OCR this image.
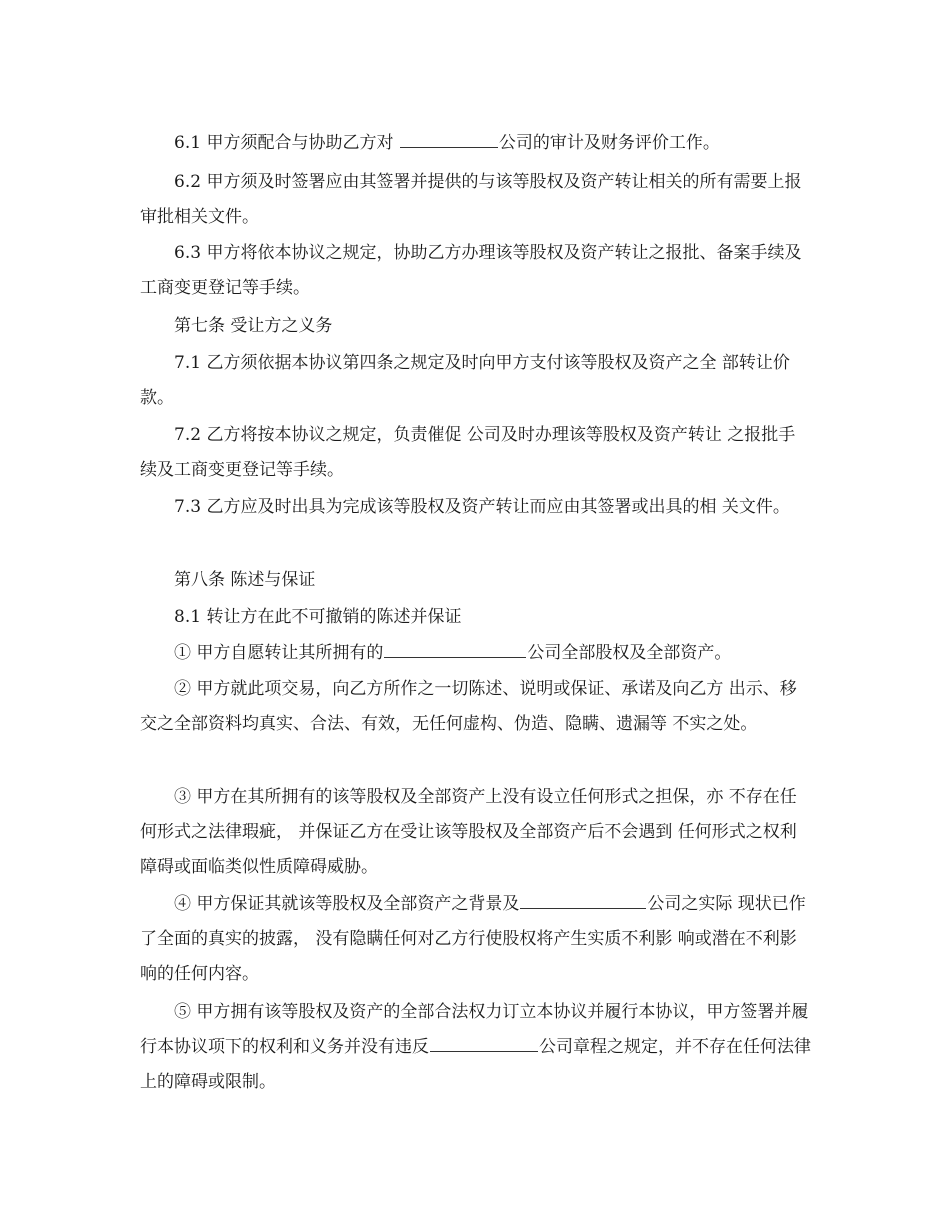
6.1 甲方须配合与协助乙方对	公司的审计及财务评价工作。

6.2 甲方须及时签署应由其签署并提供的与该等股权及资产转让相关的所有需要上报审批相关文件。

6.3 甲方将依本协议之规定，协助乙方办理该等股权及资产转让之报批、备案手续及工商变更登记等手续。

第七条 受让方之义务

7.1 乙方须依据本协议第四条之规定及时向甲方支付该等股权及资产之全 部转让价款。

7.2 乙方将按本协议之规定，负责催促 公司及时办理该等股权及资产转让 之报批手续及工商变更登记等手续。

7.3 乙方应及时出具为完成该等股权及资产转让而应由其签署或出具的相 关文件。

第八条 陈述与保证

8.1 转让方在此不可撤销的陈述并保证

① 甲方自愿转让其所拥有的	公司全部股权及全部资产。

② 甲方就此项交易，向乙方所作之一切陈述、说明或保证、承诺及向乙方 出示、移交之全部资料均真实、合法、有效，无任何虚构、伪造、隐瞒、遗漏等 不实之处。

③ 甲方在其所拥有的该等股权及全部资产上没有设立任何形式之担保，亦 不存在任何形式之法律瑕疵， 并保证乙方在受让该等股权及全部资产后不会遇到 任何形式之权利障碍或面临类似性质障碍威胁。

④ 甲方保证其就该等股权及全部资产之背景及	公司之实际 现状已作了全面的真实的披露， 没有隐瞒任何对乙方行使股权将产生实质不利影 响或潜在不利影响的任何内容。

⑤ 甲方拥有该等股权及资产的全部合法权力订立本协议并履行本协议，甲方签署并履行本协议项下的权利和义务并没有违反	公司章程之规定，并不存在任何法律上的障碍或限制。
